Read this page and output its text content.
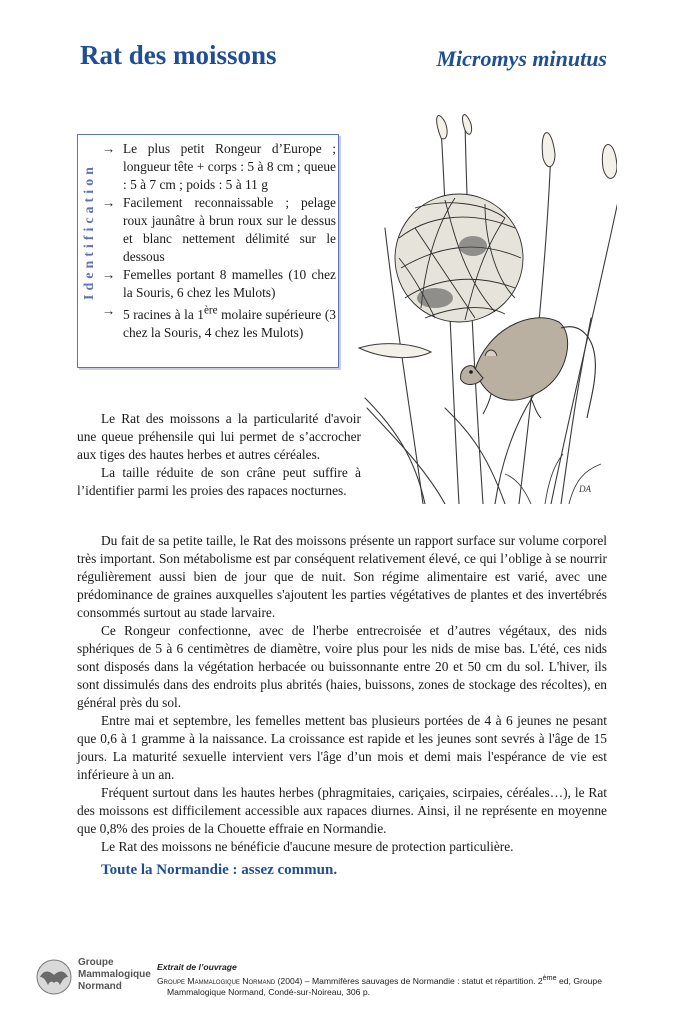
Rat des moissons	Micromys minutus
Identification
→ Le plus petit Rongeur d’Europe ; longueur tête + corps : 5 à 8 cm ; queue : 5 à 7 cm ; poids : 5 à 11 g
→ Facilement reconnaissable ; pelage roux jaunâtre à brun roux sur le dessus et blanc nettement délimité sur le dessous
→ Femelles portant 8 mamelles (10 chez la Souris, 6 chez les Mulots)
→ 5 racines à la 1ère molaire supérieure (3 chez la Souris, 4 chez les Mulots)
DA

Le Rat des moissons a la particularité d'avoir une queue préhensile qui lui permet de s’accrocher aux tiges des hautes herbes et autres céréales.

La taille réduite de son crâne peut suffire à l’identifier parmi les proies des rapaces nocturnes.

Du fait de sa petite taille, le Rat des moissons présente un rapport surface sur volume corporel très important. Son métabolisme est par conséquent relativement élevé, ce qui l’oblige à se nourrir régulièrement aussi bien de jour que de nuit. Son régime alimentaire est varié, avec une prédominance de graines auxquelles s'ajoutent les parties végétatives de plantes et des invertébrés consommés surtout au stade larvaire.

Ce Rongeur confectionne, avec de l'herbe entrecroisée et d’autres végétaux, des nids sphériques de 5 à 6 centimètres de diamètre, voire plus pour les nids de mise bas. L'été, ces nids sont disposés dans la végétation herbacée ou buissonnante entre 20 et 50 cm du sol. L'hiver, ils sont dissimulés dans des endroits plus abrités (haies, buissons, zones de stockage des récoltes), en général près du sol.

Entre mai et septembre, les femelles mettent bas plusieurs portées de 4 à 6 jeunes ne pesant que 0,6 à 1 gramme à la naissance. La croissance est rapide et les jeunes sont sevrés à l'âge de 15 jours. La maturité sexuelle intervient vers l'âge d’un mois et demi mais l'espérance de vie est inférieure à un an.

Fréquent surtout dans les hautes herbes (phragmitaies, cariçaies, scirpaies, céréales…), le Rat des moissons est difficilement accessible aux rapaces diurnes. Ainsi, il ne représente en moyenne que 0,8% des proies de la Chouette effraie en Normandie.

Le Rat des moissons ne bénéficie d'aucune mesure de protection particulière.

Toute la Normandie : assez commun.
Groupe
Mammalogique
Normand
Extrait de l’ouvrage
Groupe Mammalogique Normand (2004) – Mammifères sauvages de Normandie : statut et répartition. 2ème ed, Groupe
Mammalogique Normand, Condé-sur-Noireau, 306 p.
